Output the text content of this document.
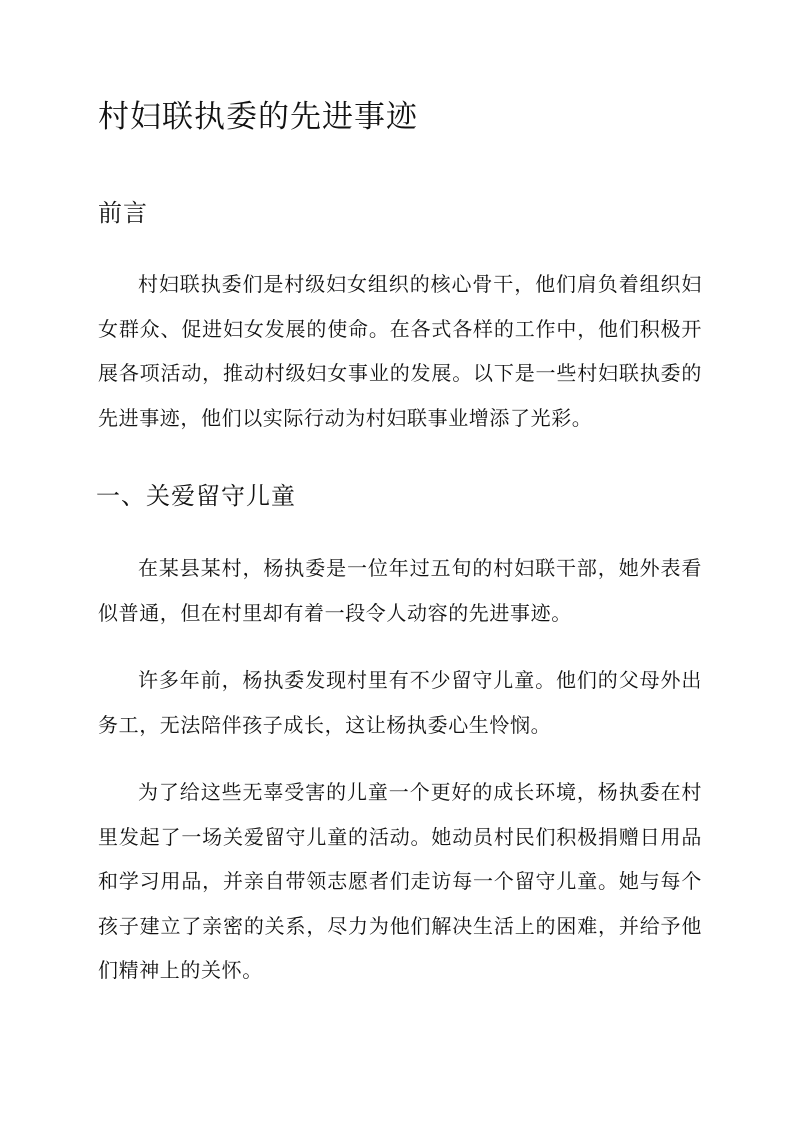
村妇联执委的先进事迹
前言

村妇联执委们是村级妇女组织的核心骨干，他们肩负着组织妇女群众、促进妇女发展的使命。在各式各样的工作中，他们积极开展各项活动，推动村级妇女事业的发展。以下是一些村妇联执委的先进事迹，他们以实际行动为村妇联事业增添了光彩。

一、关爱留守儿童

在某县某村，杨执委是一位年过五旬的村妇联干部，她外表看似普通，但在村里却有着一段令人动容的先进事迹。

许多年前，杨执委发现村里有不少留守儿童。他们的父母外出务工，无法陪伴孩子成长，这让杨执委心生怜悯。

为了给这些无辜受害的儿童一个更好的成长环境，杨执委在村里发起了一场关爱留守儿童的活动。她动员村民们积极捐赠日用品和学习用品，并亲自带领志愿者们走访每一个留守儿童。她与每个孩子建立了亲密的关系，尽力为他们解决生活上的困难，并给予他们精神上的关怀。
